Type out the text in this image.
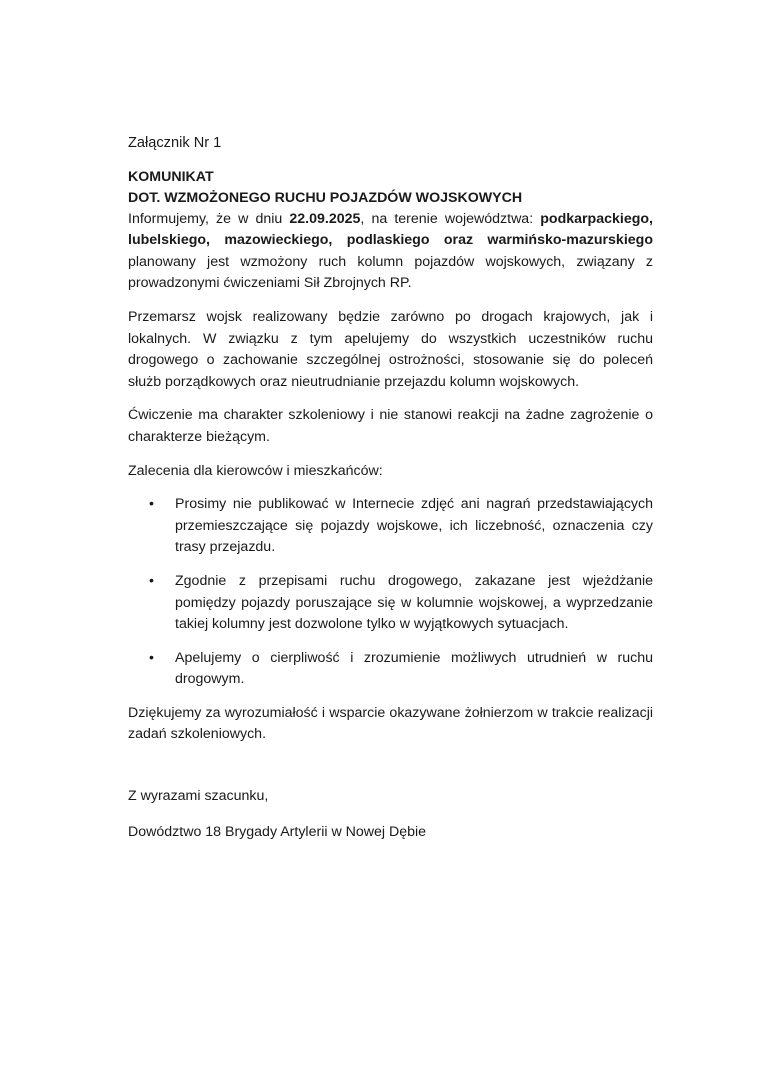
Załącznik Nr 1

KOMUNIKAT

DOT. WZMOŻONEGO RUCHU POJAZDÓW WOJSKOWYCH

Informujemy, że w dniu 22.09.2025, na terenie województwa: podkarpackiego, lubelskiego, mazowieckiego, podlaskiego oraz warmińsko-mazurskiego planowany jest wzmożony ruch kolumn pojazdów wojskowych, związany z prowadzonymi ćwiczeniami Sił Zbrojnych RP.

Przemarsz wojsk realizowany będzie zarówno po drogach krajowych, jak i lokalnych. W związku z tym apelujemy do wszystkich uczestników ruchu drogowego o zachowanie szczególnej ostrożności, stosowanie się do poleceń służb porządkowych oraz nieutrudnianie przejazdu kolumn wojskowych.

Ćwiczenie ma charakter szkoleniowy i nie stanowi reakcji na żadne zagrożenie o charakterze bieżącym.

Zalecenia dla kierowców i mieszkańców:

• Prosimy nie publikować w Internecie zdjęć ani nagrań przedstawiających przemieszczające się pojazdy wojskowe, ich liczebność, oznaczenia czy trasy przejazdu.
• Zgodnie z przepisami ruchu drogowego, zakazane jest wjeżdżanie pomiędzy pojazdy poruszające się w kolumnie wojskowej, a wyprzedzanie takiej kolumny jest dozwolone tylko w wyjątkowych sytuacjach.
• Apelujemy o cierpliwość i zrozumienie możliwych utrudnień w ruchu drogowym.

Dziękujemy za wyrozumiałość i wsparcie okazywane żołnierzom w trakcie realizacji zadań szkoleniowych.

Z wyrazami szacunku,

Dowództwo 18 Brygady Artylerii w Nowej Dębie
